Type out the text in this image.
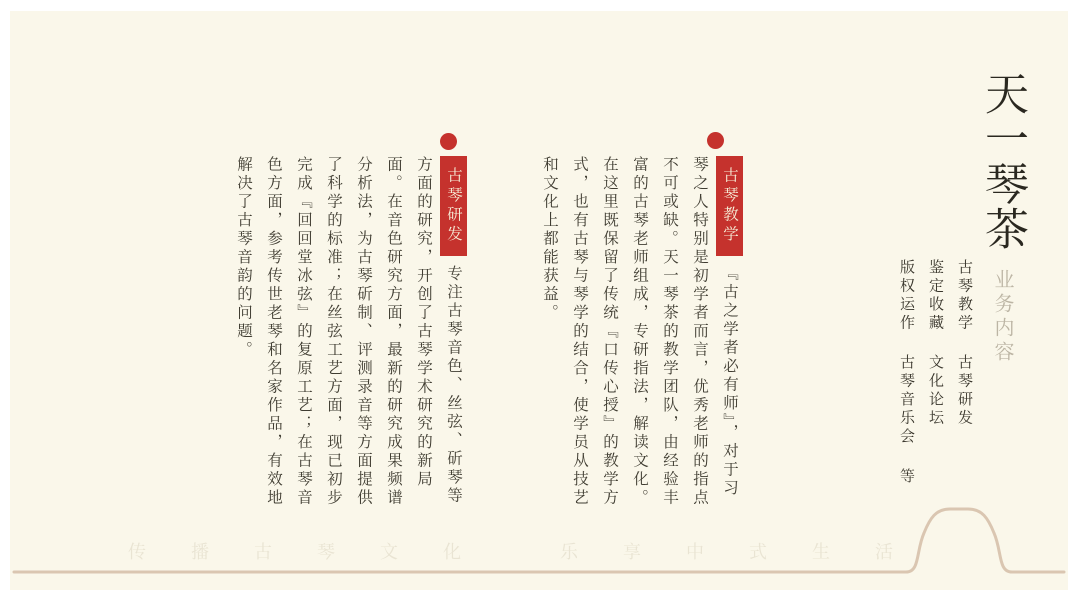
天一琴茶 业务内容
古琴教学 古琴研发
鉴定收藏 文化论坛
版权运作 古琴音乐会 等
古琴教学『古之学者必有师』，对于习琴之人特别是初学者而言，优秀老师的指点不可或缺。天一琴茶的教学团队，由经验丰富的古琴老师组成，专研指法，解读文化。在这里既保留了传统『口传心授』的教学方式，也有古琴与琴学的结合，使学员从技艺和文化上都能获益。
古琴研发专注古琴音色、丝弦、斫琴等方面的研究，开创了古琴学术研究的新局面。在音色研究方面，最新的研究成果频谱分析法，为古琴斫制、评测录音等方面提供了科学的标准；在丝弦工艺方面，现已初步完成『回回堂冰弦』的复原工艺；在古琴音色方面，参考传世老琴和名家作品，有效地解决了古琴音韵的问题。
传播古琴文化	乐享中式生活
